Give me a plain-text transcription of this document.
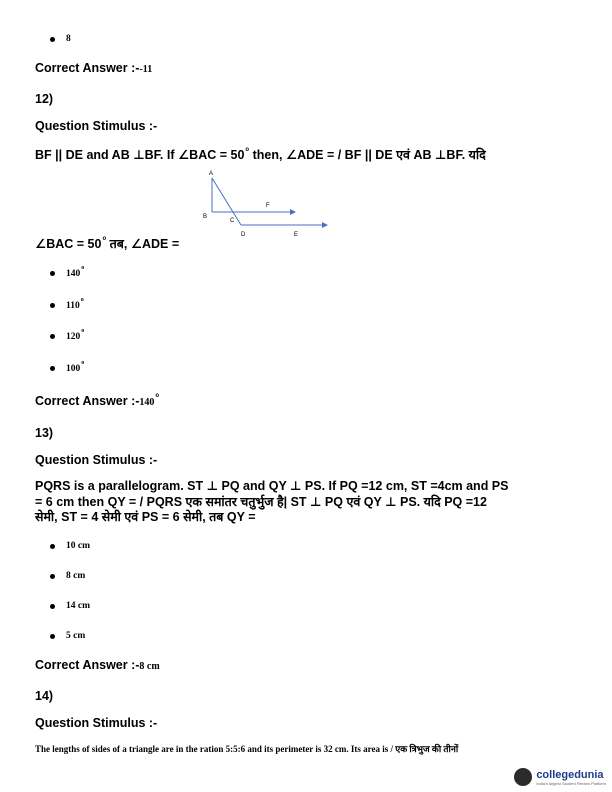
8
Correct Answer :--11
12)
Question Stimulus :-
BF || DE and AB ⊥BF. If ∠BAC = $50^o$ then, ∠ADE = / BF || DE एवं AB ⊥BF. यदि
A
B
C
D	E
F
∠BAC = $50^o$ तब, ∠ADE =
$140^o$
110$^o$
120$^o$
100$^o$
Correct Answer :-140$^o$
13)
Question Stimulus :-
PQRS is a parallelogram. ST ⊥ PQ and QY ⊥ PS. If PQ =12 cm, ST =4cm and PS
= 6 cm then QY = / PQRS एक समांतर चतुर्भुज है| ST ⊥ PQ एवं QY ⊥ PS. यदि PQ =12
सेमी, ST = 4 सेमी एवं PS = 6 सेमी, तब QY =
10 cm
8 cm
14 cm
5 cm
Correct Answer :-8 cm
14)
Question Stimulus :-
The lengths of sides of a triangle are in the ration 5:5:6 and its perimeter is 32 cm. Its area is / एक त्रिभुज की तीनों
collegedunia
India's largest Student Review Platform
